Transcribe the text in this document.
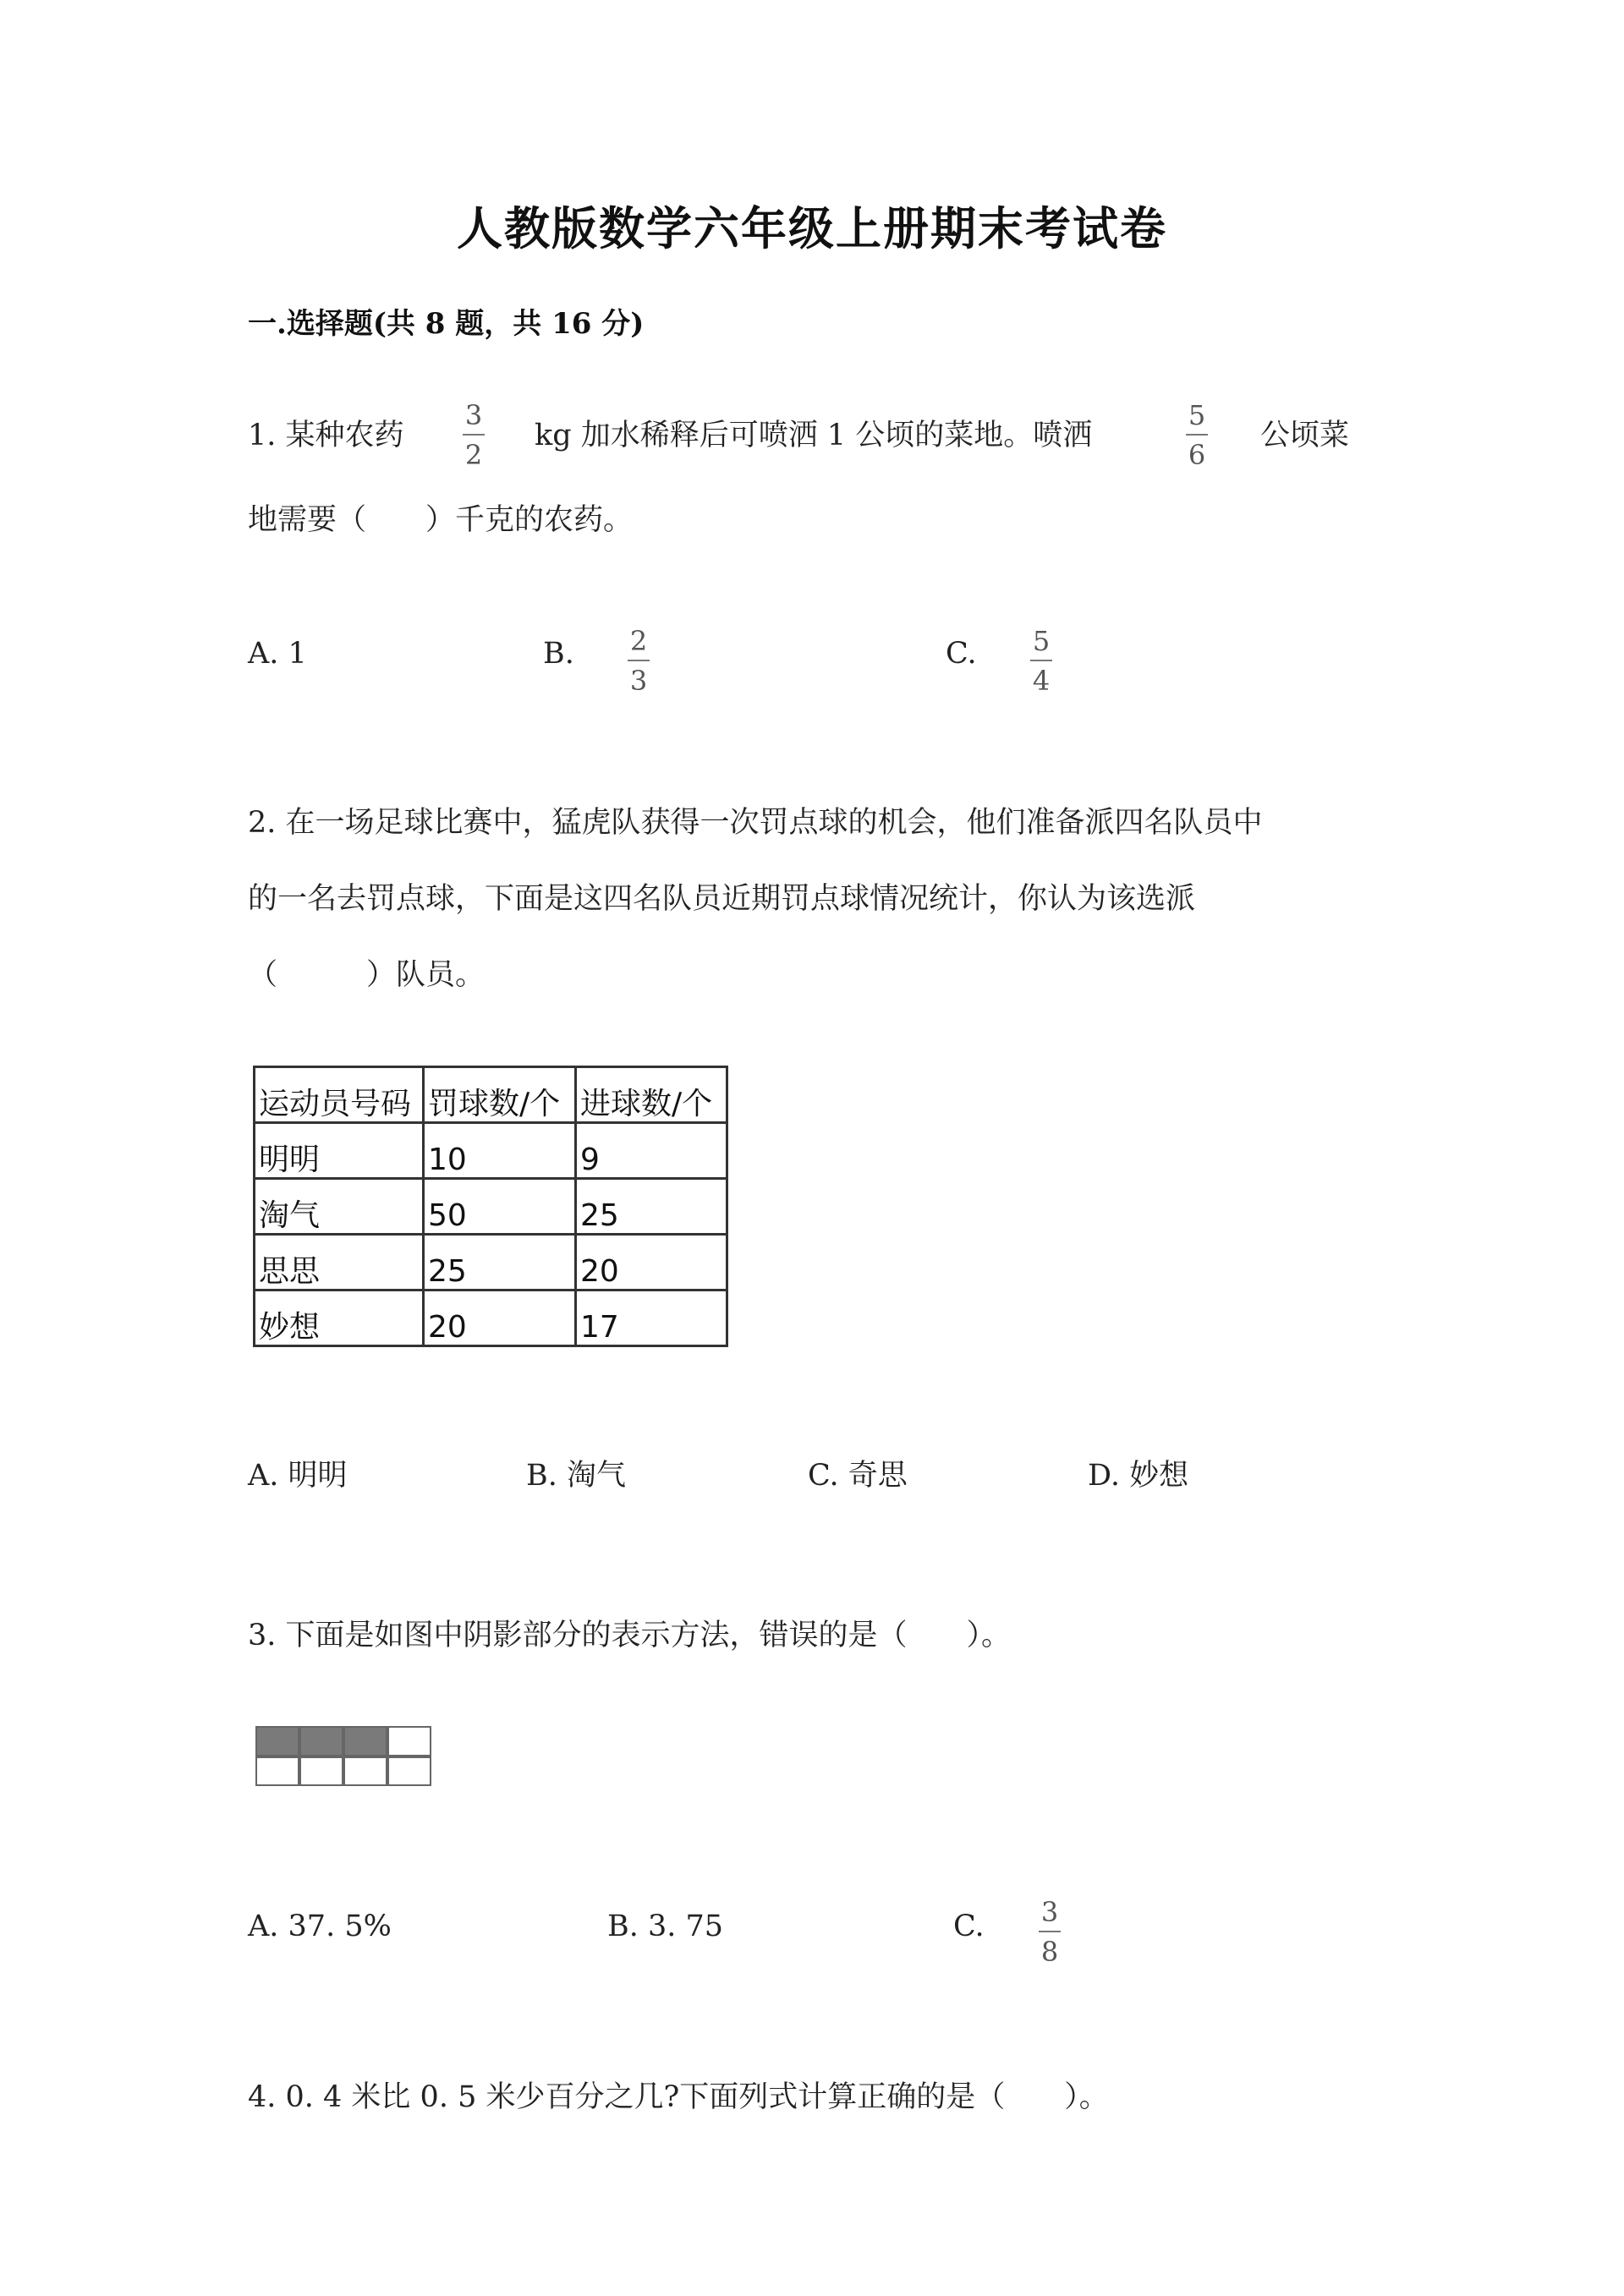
人教版数学六年级上册期末考试卷
一.选择题(共 8 题，共 16 分)
1. 某种农药
3
2
kg 加水稀释后可喷洒 1 公顷的菜地。喷洒
5
6
公顷菜
地需要（　　）千克的农药。
A. 1	B. 2
3
C. 5
4
2. 在一场足球比赛中，猛虎队获得一次罚点球的机会，他们准备派四名队员中
的一名去罚点球，下面是这四名队员近期罚点球情况统计，你认为该选派
（　　　）队员。
运动员号码	罚球数/个	进球数/个
明明	10	9
淘气	50	25
思思	25	20
妙想	20	17
A. 明明	B. 淘气	C. 奇思	D. 妙想
3. 下面是如图中阴影部分的表示方法，错误的是（　　）。
A. 37. 5%	B. 3. 75	C. 3
8
4. 0. 4 米比 0. 5 米少百分之几?下面列式计算正确的是（　　）。
